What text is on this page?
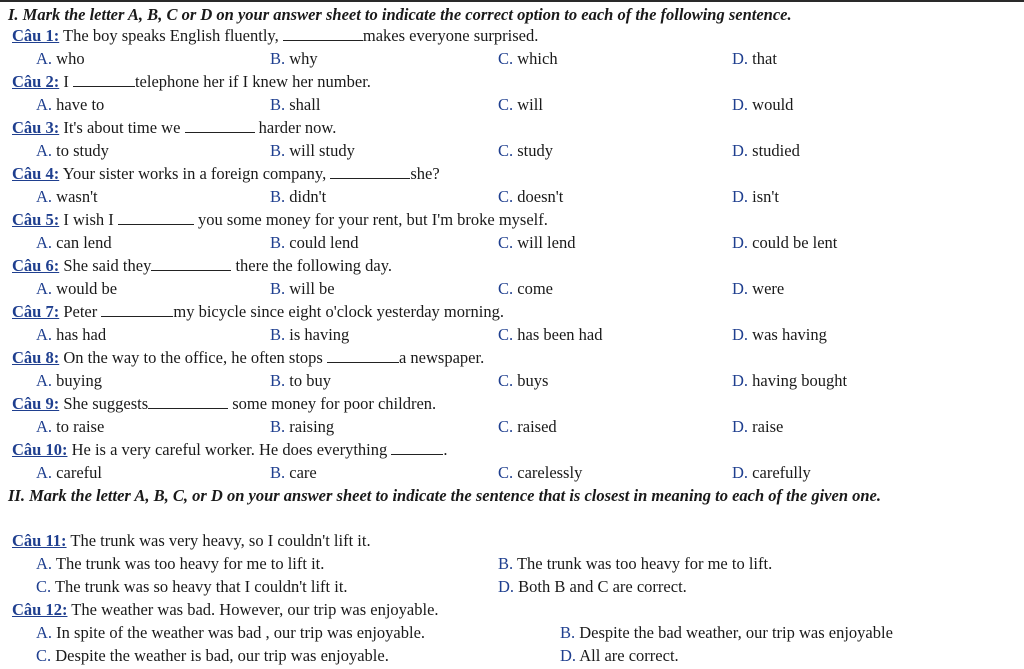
I. Mark the letter A, B, C or D on your answer sheet to indicate the correct option to each of the following sentence.
Câu 1: The boy speaks English fluently,	makes everyone surprised.
A. who	B. why	C. which	D. that
Câu 2: I	telephone her if I knew her number.
A. have to	B. shall	C. will	D. would
Câu 3: It's about time we	harder now.
A. to study	B. will study	C. study	D. studied
Câu 4: Your sister works in a foreign company,	she?
A. wasn't	B. didn't	C. doesn't	D. isn't
Câu 5: I wish I	you some money for your rent, but I'm broke myself.
A. can lend	B. could lend	C. will lend	D. could be lent
Câu 6: She said they	there the following day.
A. would be	B. will be	C. come	D. were
Câu 7: Peter	my bicycle since eight o'clock yesterday morning.
A. has had	B. is having	C. has been had	D. was having
Câu 8: On the way to the office, he often stops	a newspaper.
A. buying	B. to buy	C. buys	D. having bought
Câu 9: She suggests	some money for poor children.
A. to raise	B. raising	C. raised	D. raise
Câu 10: He is a very careful worker. He does everything	.
A. careful	B. care	C. carelessly	D. carefully
II. Mark the letter A, B, C, or D on your answer sheet to indicate the sentence that is closest in meaning to each of the given one.
Câu 11: The trunk was very heavy, so I couldn't lift it.
A. The trunk was too heavy for me to lift it.	B. The trunk was too heavy for me to lift.
C. The trunk was so heavy that I couldn't lift it.	D. Both B and C are correct.
Câu 12: The weather was bad. However, our trip was enjoyable.
A. In spite of the weather was bad , our trip was enjoyable.	B. Despite the bad weather, our trip was enjoyable
C. Despite the weather is bad, our trip was enjoyable.	D. All are correct.
